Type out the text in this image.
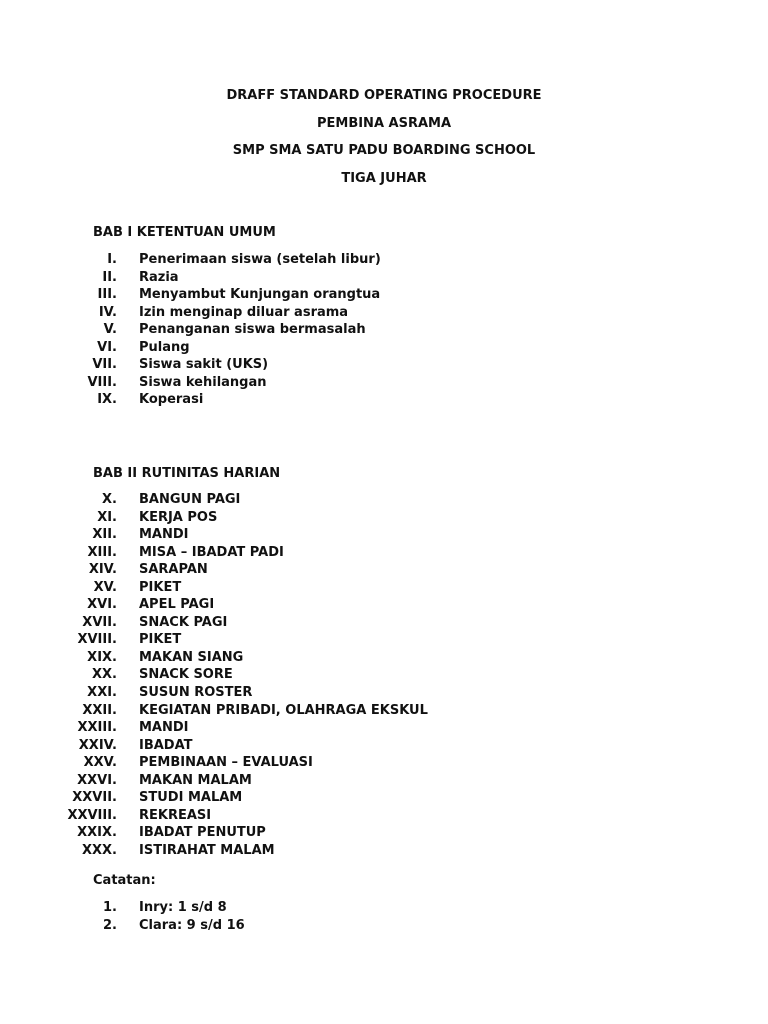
DRAFF STANDARD OPERATING PROCEDURE
PEMBINA ASRAMA
SMP SMA SATU PADU BOARDING SCHOOL
TIGA JUHAR
BAB I KETENTUAN UMUM
I. Penerimaan siswa (setelah libur)
II. Razia
III. Menyambut Kunjungan orangtua
IV. Izin menginap diluar asrama
V. Penanganan siswa bermasalah
VI. Pulang
VII. Siswa sakit (UKS)
VIII. Siswa kehilangan
IX. Koperasi
BAB II RUTINITAS HARIAN
X. BANGUN PAGI
XI. KERJA POS
XII. MANDI
XIII. MISA – IBADAT PADI
XIV. SARAPAN
XV. PIKET
XVI. APEL PAGI
XVII. SNACK PAGI
XVIII. PIKET
XIX. MAKAN SIANG
XX. SNACK SORE
XXI. SUSUN ROSTER
XXII. KEGIATAN PRIBADI, OLAHRAGA EKSKUL
XXIII. MANDI
XXIV. IBADAT
XXV. PEMBINAAN – EVALUASI
XXVI. MAKAN MALAM
XXVII. STUDI MALAM
XXVIII. REKREASI
XXIX. IBADAT PENUTUP
XXX. ISTIRAHAT MALAM
Catatan:
1. Inry: 1 s/d 8
2. Clara: 9 s/d 16
